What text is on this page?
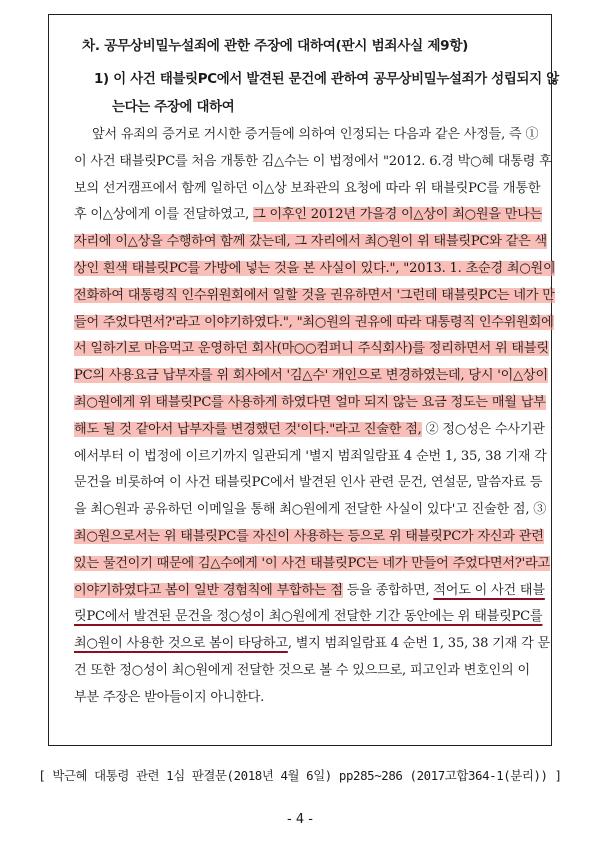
차. 공무상비밀누설죄에 관한 주장에 대하여(판시 범죄사실 제9항)
1) 이 사건 태블릿PC에서 발견된 문건에 관하여 공무상비밀누설죄가 성립되지 않
는다는 주장에 대하여
앞서 유죄의 증거로 거시한 증거들에 의하여 인정되는 다음과 같은 사정들, 즉 ①
이 사건 태블릿PC를 처음 개통한 김△수는 이 법정에서 "2012. 6.경 박○혜 대통령 후
보의 선거캠프에서 함께 일하던 이△상 보좌관의 요청에 따라 위 태블릿PC를 개통한
후 이△상에게 이를 전달하였고, 그 이후인 2012년 가을경 이△상이 최○원을 만나는
자리에 이△상을 수행하여 함께 갔는데, 그 자리에서 최○원이 위 태블릿PC와 같은 색
상인 흰색 태블릿PC를 가방에 넣는 것을 본 사실이 있다.", "2013. 1. 초순경 최○원이
전화하여 대통령직 인수위원회에서 일할 것을 권유하면서 '그런데 태블릿PC는 네가 만
들어 주었다면서?'라고 이야기하였다.", "최○원의 권유에 따라 대통령직 인수위원회에
서 일하기로 마음먹고 운영하던 회사(마○○컴퍼니 주식회사)를 정리하면서 위 태블릿
PC의 사용요금 납부자를 위 회사에서 '김△수' 개인으로 변경하였는데, 당시 '이△상이
최○원에게 위 태블릿PC를 사용하게 하였다면 얼마 되지 않는 요금 정도는 매월 납부
해도 될 것 같아서 납부자를 변경했던 것'이다."라고 진술한 점, ② 정○성은 수사기관
에서부터 이 법정에 이르기까지 일관되게 '별지 범죄일람표 4 순번 1, 35, 38 기재 각
문건을 비롯하여 이 사건 태블릿PC에서 발견된 인사 관련 문건, 연설문, 말씀자료 등
을 최○원과 공유하던 이메일을 통해 최○원에게 전달한 사실이 있다'고 진술한 점, ③
최○원으로서는 위 태블릿PC를 자신이 사용하는 등으로 위 태블릿PC가 자신과 관련
있는 물건이기 때문에 김△수에게 '이 사건 태블릿PC는 네가 만들어 주었다면서?'라고
이야기하였다고 봄이 일반 경험칙에 부합하는 점 등을 종합하면, 적어도 이 사건 태블
릿PC에서 발견된 문건을 정○성이 최○원에게 전달한 기간 동안에는 위 태블릿PC를
최○원이 사용한 것으로 봄이 타당하고, 별지 범죄일람표 4 순번 1, 35, 38 기재 각 문
건 또한 정○성이 최○원에게 전달한 것으로 볼 수 있으므로, 피고인과 변호인의 이
부분 주장은 받아들이지 아니한다.
[ 박근혜 대통령 관련 1심 판결문(2018년 4월 6일) pp285~286 (2017고합364-1(분리)) ]
- 4 -
